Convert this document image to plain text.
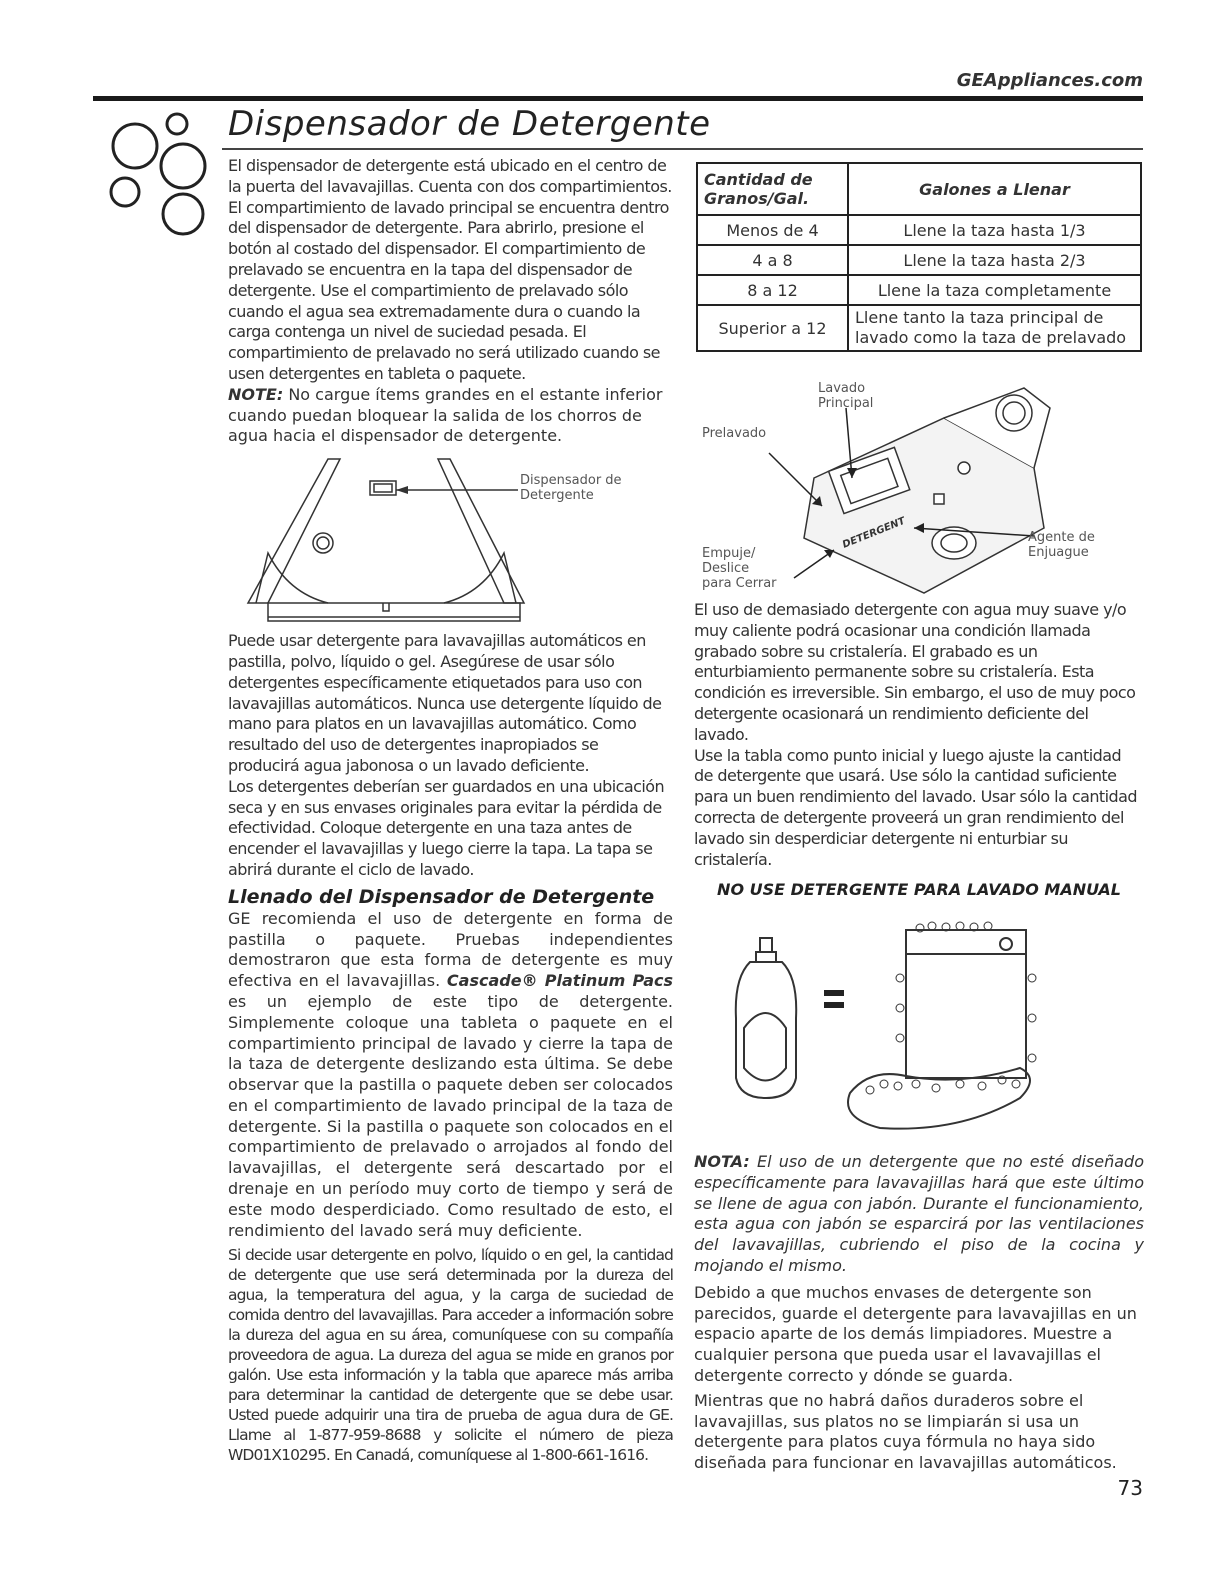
GEAppliances.com
Dispensador de Detergente

El dispensador de detergente está ubicado en el centro de la puerta del lavavajillas. Cuenta con dos compartimientos. El compartimiento de lavado principal se encuentra dentro del dispensador de detergente. Para abrirlo, presione el botón al costado del dispensador. El compartimiento de prelavado se encuentra en la tapa del dispensador de detergente. Use el compartimiento de prelavado sólo cuando el agua sea extremadamente dura o cuando la carga contenga un nivel de suciedad pesada. El compartimiento de prelavado no será utilizado cuando se usen detergentes en tableta o paquete.

NOTE: No cargue ítems grandes en el estante inferior cuando puedan bloquear la salida de los chorros de agua hacia el dispensador de detergente.

Dispensador de
Detergente

Puede usar detergente para lavavajillas automáticos en pastilla, polvo, líquido o gel. Asegúrese de usar sólo detergentes específicamente etiquetados para uso con lavavajillas automáticos. Nunca use detergente líquido de mano para platos en un lavavajillas automático. Como resultado del uso de detergentes inapropiados se producirá agua jabonosa o un lavado deficiente.

Los detergentes deberían ser guardados en una ubicación seca y en sus envases originales para evitar la pérdida de efectividad. Coloque detergente en una taza antes de encender el lavavajillas y luego cierre la tapa. La tapa se abrirá durante el ciclo de lavado.

Llenado del Dispensador de Detergente

GE recomienda el uso de detergente en forma de pastilla o paquete. Pruebas independientes demostraron que esta forma de detergente es muy efectiva en el lavavajillas. Cascade® Platinum Pacs es un ejemplo de este tipo de detergente. Simplemente coloque una tableta o paquete en el compartimiento principal de lavado y cierre la tapa de la taza de detergente deslizando esta última. Se debe observar que la pastilla o paquete deben ser colocados en el compartimiento de lavado principal de la taza de detergente. Si la pastilla o paquete son colocados en el compartimiento de prelavado o arrojados al fondo del lavavajillas, el detergente será descartado por el drenaje en un período muy corto de tiempo y será de este modo desperdiciado. Como resultado de esto, el rendimiento del lavado será muy deficiente.

Si decide usar detergente en polvo, líquido o en gel, la cantidad de detergente que use será determinada por la dureza del agua, la temperatura del agua, y la carga de suciedad de comida dentro del lavavajillas. Para acceder a información sobre la dureza del agua en su área, comuníquese con su compañía proveedora de agua. La dureza del agua se mide en granos por galón. Use esta información y la tabla que aparece más arriba para determinar la cantidad de detergente que se debe usar. Usted puede adquirir una tira de prueba de agua dura de GE. Llame al 1-877-959-8688 y solicite el número de pieza WD01X10295. En Canadá, comuníquese al 1-800-661-1616.

Cantidad de
Granos/Gal.	Galones a Llenar
Menos de 4	Llene la taza hasta 1/3
4 a 8	Llene la taza hasta 2/3
8 a 12	Llene la taza completamente
Superior a 12	Llene tanto la taza principal de lavado como la taza de prelavado
DETERGENT
Lavado
Principal
Prelavado
Agente de
Enjuague
Empuje/
Deslice
para Cerrar

El uso de demasiado detergente con agua muy suave y/o muy caliente podrá ocasionar una condición llamada grabado sobre su cristalería. El grabado es un enturbiamiento permanente sobre su cristalería. Esta condición es irreversible. Sin embargo, el uso de muy poco detergente ocasionará un rendimiento deficiente del lavado.

Use la tabla como punto inicial y luego ajuste la cantidad de detergente que usará. Use sólo la cantidad suficiente para un buen rendimiento del lavado. Usar sólo la cantidad correcta de detergente proveerá un gran rendimiento del lavado sin desperdiciar detergente ni enturbiar su cristalería.

NO USE DETERGENTE PARA LAVADO MANUAL

NOTA: El uso de un detergente que no esté diseñado específicamente para lavavajillas hará que este último se llene de agua con jabón. Durante el funcionamiento, esta agua con jabón se esparcirá por las ventilaciones del lavavajillas, cubriendo el piso de la cocina y mojando el mismo.

Debido a que muchos envases de detergente son parecidos, guarde el detergente para lavavajillas en un espacio aparte de los demás limpiadores. Muestre a cualquier persona que pueda usar el lavavajillas el detergente correcto y dónde se guarda.

Mientras que no habrá daños duraderos sobre el lavavajillas, sus platos no se limpiarán si usa un detergente para platos cuya fórmula no haya sido diseñada para funcionar en lavavajillas automáticos.

73
